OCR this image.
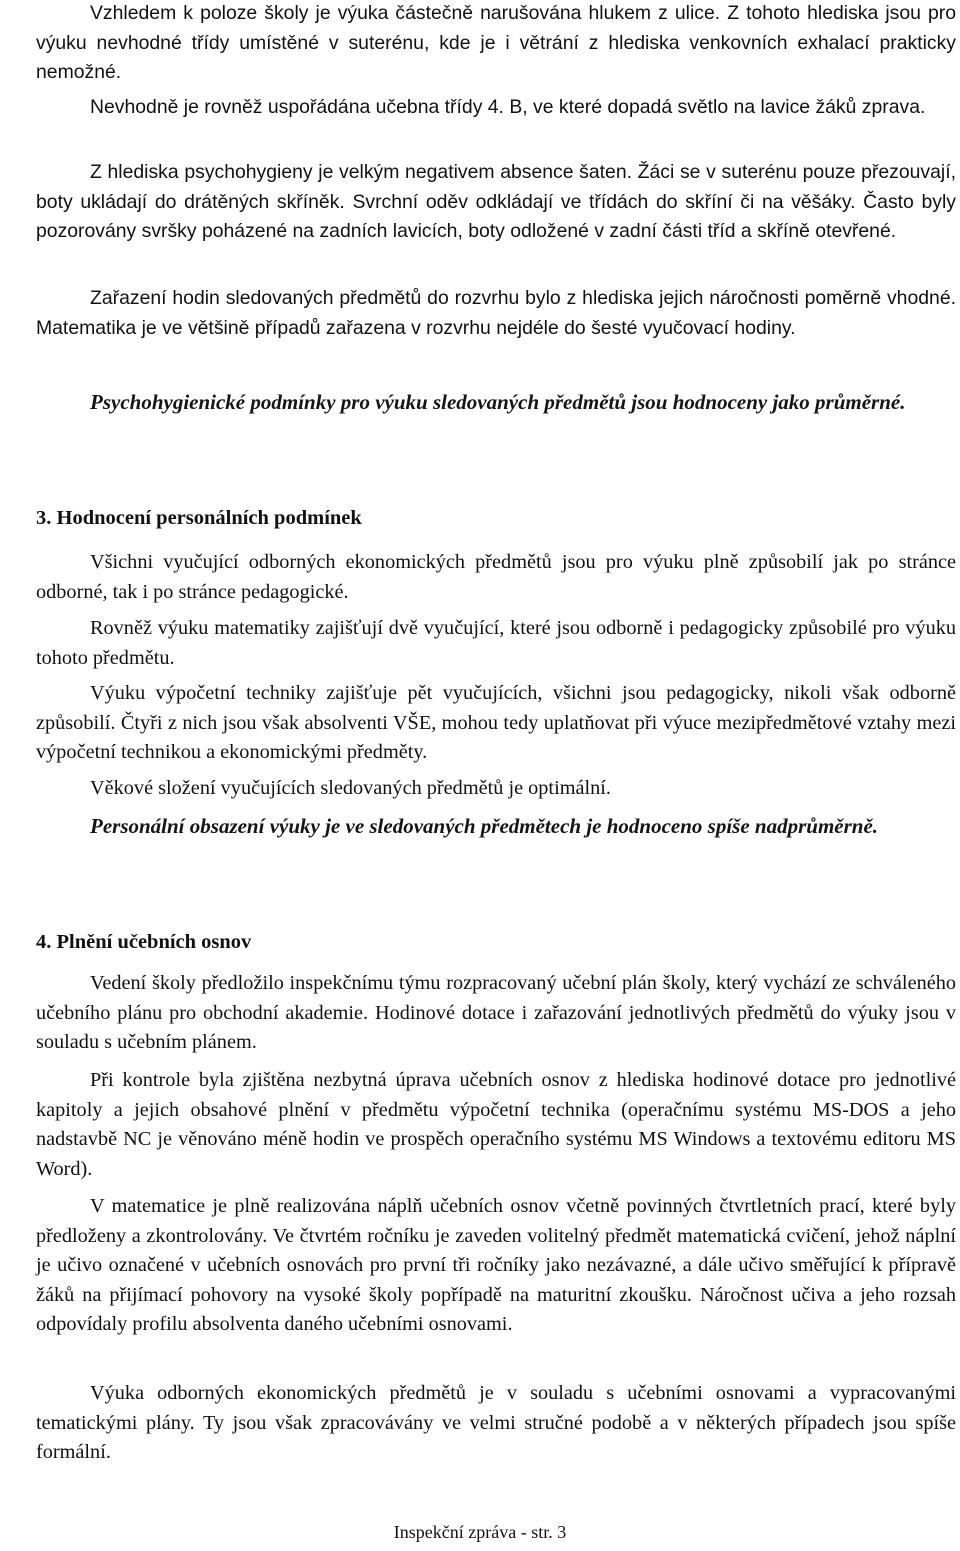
Vzhledem k poloze školy je výuka částečně narušována hlukem z ulice. Z tohoto hlediska jsou pro výuku nevhodné třídy umístěné v suterénu, kde je i větrání z hlediska venkovních exhalací prakticky nemožné.

Nevhodně je rovněž uspořádána učebna třídy 4. B, ve které dopadá světlo na lavice žáků zprava.

Z hlediska psychohygieny je velkým negativem absence šaten. Žáci se v suterénu pouze přezouvají, boty ukládají do drátěných skříněk. Svrchní oděv odkládají ve třídách do skříní či na věšáky. Často byly pozorovány svršky poházené na zadních lavicích, boty odložené v zadní části tříd a skříně otevřené.

Zařazení hodin sledovaných předmětů do rozvrhu bylo z hlediska jejich náročnosti poměrně vhodné. Matematika je ve většině případů zařazena v rozvrhu nejdéle do šesté vyučovací hodiny.

Psychohygienické podmínky pro výuku sledovaných předmětů jsou hodnoceny jako průměrné.

3. Hodnocení personálních podmínek

Všichni vyučující odborných ekonomických předmětů jsou pro výuku plně způsobilí jak po stránce odborné, tak i po stránce pedagogické.

Rovněž výuku matematiky zajišťují dvě vyučující, které jsou odborně i pedagogicky způsobilé pro výuku tohoto předmětu.

Výuku výpočetní techniky zajišťuje pět vyučujících, všichni jsou pedagogicky, nikoli však odborně způsobilí. Čtyři z nich jsou však absolventi VŠE, mohou tedy uplatňovat při výuce mezipředmětové vztahy mezi výpočetní technikou a ekonomickými předměty.

Věkové složení vyučujících sledovaných předmětů je optimální.

Personální obsazení výuky je ve sledovaných předmětech je hodnoceno spíše nadprůměrně.

4. Plnění učebních osnov

Vedení školy předložilo inspekčnímu týmu rozpracovaný učební plán školy, který vychází ze schváleného učebního plánu pro obchodní akademie. Hodinové dotace i zařazování jednotlivých předmětů do výuky jsou v souladu s učebním plánem.

Při kontrole byla zjištěna nezbytná úprava učebních osnov z hlediska hodinové dotace pro jednotlivé kapitoly a jejich obsahové plnění v předmětu výpočetní technika (operačnímu systému MS-DOS a jeho nadstavbě NC je věnováno méně hodin ve prospěch operačního systému MS Windows a textovému editoru MS Word).

V matematice je plně realizována náplň učebních osnov včetně povinných čtvrtletních prací, které byly předloženy a zkontrolovány. Ve čtvrtém ročníku je zaveden volitelný předmět matematická cvičení, jehož náplní je učivo označené v učebních osnovách pro první tři ročníky jako nezávazné, a dále učivo směřující k přípravě žáků na přijímací pohovory na vysoké školy popřípadě na maturitní zkoušku. Náročnost učiva a jeho rozsah odpovídaly profilu absolventa daného učebními osnovami.

Výuka odborných ekonomických předmětů je v souladu s učebními osnovami a vypracovanými tematickými plány. Ty jsou však zpracovávány ve velmi stručné podobě a v některých případech jsou spíše formální.

Inspekční zpráva - str. 3
